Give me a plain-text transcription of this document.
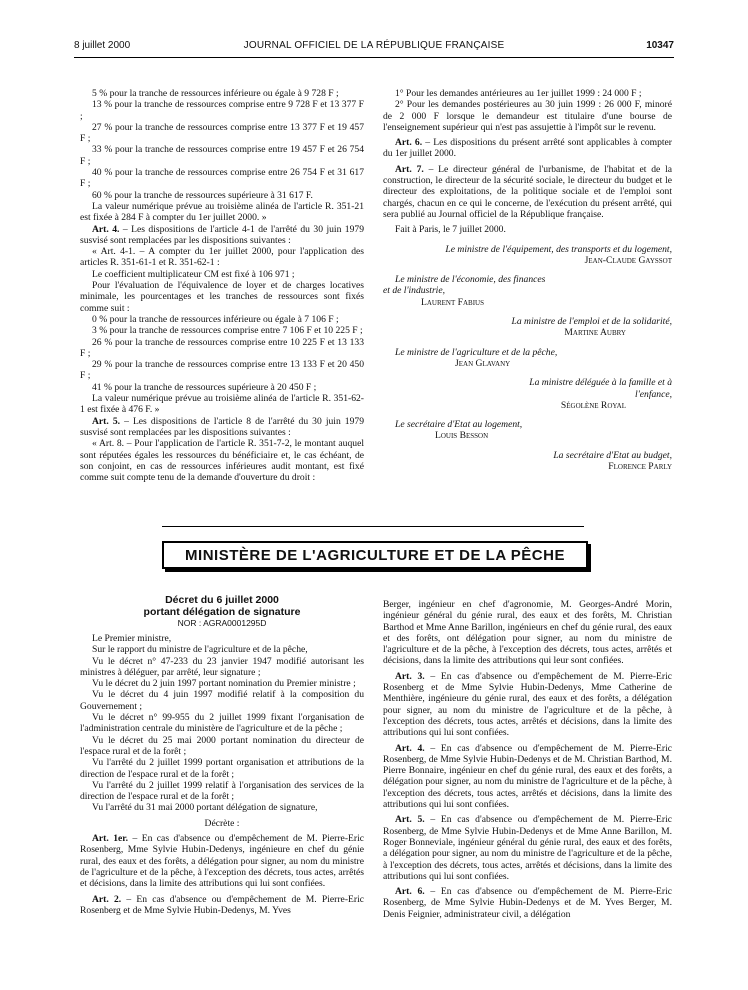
8 juillet 2000	JOURNAL OFFICIEL DE LA RÉPUBLIQUE FRANÇAISE	10347

5 % pour la tranche de ressources inférieure ou égale à 9 728 F ;

13 % pour la tranche de ressources comprise entre 9 728 F et 13 377 F ;

27 % pour la tranche de ressources comprise entre 13 377 F et 19 457 F ;

33 % pour la tranche de ressources comprise entre 19 457 F et 26 754 F ;

40 % pour la tranche de ressources comprise entre 26 754 F et 31 617 F ;

60 % pour la tranche de ressources supérieure à 31 617 F.

La valeur numérique prévue au troisième alinéa de l'article R. 351-21 est fixée à 284 F à compter du 1er juillet 2000. »

Art. 4. – Les dispositions de l'article 4-1 de l'arrêté du 30 juin 1979 susvisé sont remplacées par les dispositions suivantes :

« Art. 4-1. – A compter du 1er juillet 2000, pour l'application des articles R. 351-61-1 et R. 351-62-1 :

Le coefficient multiplicateur CM est fixé à 106 971 ;

Pour l'évaluation de l'équivalence de loyer et de charges locatives minimale, les pourcentages et les tranches de ressources sont fixés comme suit :

0 % pour la tranche de ressources inférieure ou égale à 7 106 F ;

3 % pour la tranche de ressources comprise entre 7 106 F et 10 225 F ;

26 % pour la tranche de ressources comprise entre 10 225 F et 13 133 F ;

29 % pour la tranche de ressources comprise entre 13 133 F et 20 450 F ;

41 % pour la tranche de ressources supérieure à 20 450 F ;

La valeur numérique prévue au troisième alinéa de l'article R. 351-62-1 est fixée à 476 F. »

Art. 5. – Les dispositions de l'article 8 de l'arrêté du 30 juin 1979 susvisé sont remplacées par les dispositions suivantes :

« Art. 8. – Pour l'application de l'article R. 351-7-2, le montant auquel sont réputées égales les ressources du bénéficiaire et, le cas échéant, de son conjoint, en cas de ressources inférieures audit montant, est fixé comme suit compte tenu de la demande d'ouverture du droit :

1° Pour les demandes antérieures au 1er juillet 1999 : 24 000 F ;

2° Pour les demandes postérieures au 30 juin 1999 : 26 000 F, minoré de 2 000 F lorsque le demandeur est titulaire d'une bourse de l'enseignement supérieur qui n'est pas assujettie à l'impôt sur le revenu.

Art. 6. – Les dispositions du présent arrêté sont applicables à compter du 1er juillet 2000.

Art. 7. – Le directeur général de l'urbanisme, de l'habitat et de la construction, le directeur de la sécurité sociale, le directeur du budget et le directeur des exploitations, de la politique sociale et de l'emploi sont chargés, chacun en ce qui le concerne, de l'exécution du présent arrêté, qui sera publié au Journal officiel de la République française.

Fait à Paris, le 7 juillet 2000.

Le ministre de l'équipement, des transports et du logement,

Jean-Claude Gayssot

Le ministre de l'économie, des finances et de l'industrie,

Laurent Fabius

La ministre de l'emploi et de la solidarité,

Martine Aubry

Le ministre de l'agriculture et de la pêche,

Jean Glavany

La ministre déléguée à la famille et à l'enfance,

Ségolène Royal

Le secrétaire d'Etat au logement,

Louis Besson

La secrétaire d'Etat au budget,

Florence Parly

MINISTÈRE DE L'AGRICULTURE ET DE LA PÊCHE
Décret du 6 juillet 2000
portant délégation de signature
NOR : AGRA0001295D

Le Premier ministre,

Sur le rapport du ministre de l'agriculture et de la pêche,

Vu le décret n° 47-233 du 23 janvier 1947 modifié autorisant les ministres à déléguer, par arrêté, leur signature ;

Vu le décret du 2 juin 1997 portant nomination du Premier ministre ;

Vu le décret du 4 juin 1997 modifié relatif à la composition du Gouvernement ;

Vu le décret n° 99-955 du 2 juillet 1999 fixant l'organisation de l'administration centrale du ministère de l'agriculture et de la pêche ;

Vu le décret du 25 mai 2000 portant nomination du directeur de l'espace rural et de la forêt ;

Vu l'arrêté du 2 juillet 1999 portant organisation et attributions de la direction de l'espace rural et de la forêt ;

Vu l'arrêté du 2 juillet 1999 relatif à l'organisation des services de la direction de l'espace rural et de la forêt ;

Vu l'arrêté du 31 mai 2000 portant délégation de signature,

Décrète :

Art. 1er. – En cas d'absence ou d'empêchement de M. Pierre-Eric Rosenberg, Mme Sylvie Hubin-Dedenys, ingénieure en chef du génie rural, des eaux et des forêts, a délégation pour signer, au nom du ministre de l'agriculture et de la pêche, à l'exception des décrets, tous actes, arrêtés et décisions, dans la limite des attributions qui lui sont confiées.

Art. 2. – En cas d'absence ou d'empêchement de M. Pierre-Eric Rosenberg et de Mme Sylvie Hubin-Dedenys, M. Yves

Berger, ingénieur en chef d'agronomie, M. Georges-André Morin, ingénieur général du génie rural, des eaux et des forêts, M. Christian Barthod et Mme Anne Barillon, ingénieurs en chef du génie rural, des eaux et des forêts, ont délégation pour signer, au nom du ministre de l'agriculture et de la pêche, à l'exception des décrets, tous actes, arrêtés et décisions, dans la limite des attributions qui leur sont confiées.

Art. 3. – En cas d'absence ou d'empêchement de M. Pierre-Eric Rosenberg et de Mme Sylvie Hubin-Dedenys, Mme Catherine de Menthière, ingénieure du génie rural, des eaux et des forêts, a délégation pour signer, au nom du ministre de l'agriculture et de la pêche, à l'exception des décrets, tous actes, arrêtés et décisions, dans la limite des attributions qui lui sont confiées.

Art. 4. – En cas d'absence ou d'empêchement de M. Pierre-Eric Rosenberg, de Mme Sylvie Hubin-Dedenys et de M. Christian Barthod, M. Pierre Bonnaire, ingénieur en chef du génie rural, des eaux et des forêts, a délégation pour signer, au nom du ministre de l'agriculture et de la pêche, à l'exception des décrets, tous actes, arrêtés et décisions, dans la limite des attributions qui lui sont confiées.

Art. 5. – En cas d'absence ou d'empêchement de M. Pierre-Eric Rosenberg, de Mme Sylvie Hubin-Dedenys et de Mme Anne Barillon, M. Roger Bonneviale, ingénieur général du génie rural, des eaux et des forêts, a délégation pour signer, au nom du ministre de l'agriculture et de la pêche, à l'exception des décrets, tous actes, arrêtés et décisions, dans la limite des attributions qui lui sont confiées.

Art. 6. – En cas d'absence ou d'empêchement de M. Pierre-Eric Rosenberg, de Mme Sylvie Hubin-Dedenys et de M. Yves Berger, M. Denis Feignier, administrateur civil, a délégation
